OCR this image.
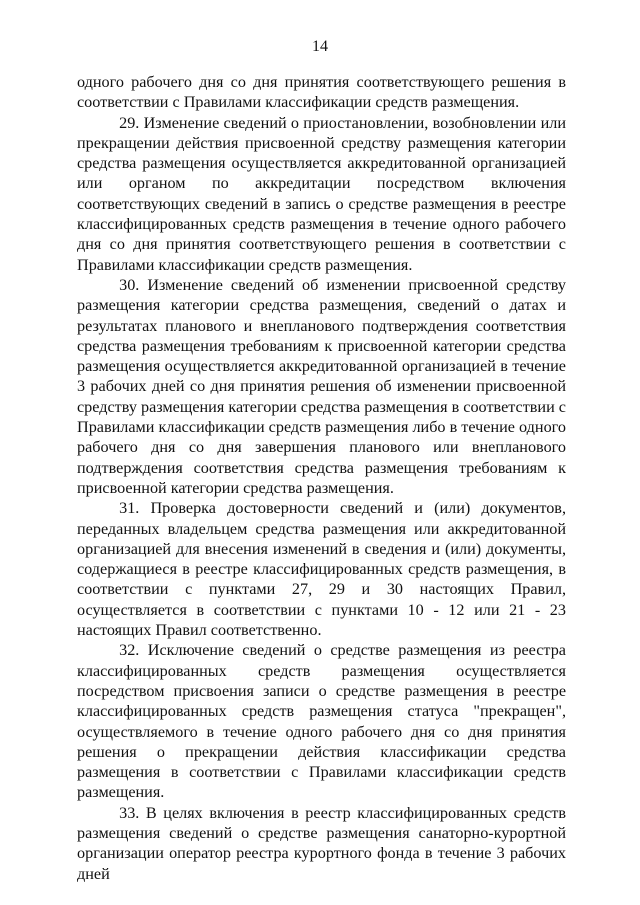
14

одного рабочего дня со дня принятия соответствующего решения в соответствии с Правилами классификации средств размещения.

29. Изменение сведений о приостановлении, возобновлении или прекращении действия присвоенной средству размещения категории средства размещения осуществляется аккредитованной организацией или органом по аккредитации посредством включения соответствующих сведений в запись о средстве размещения в реестре классифицированных средств размещения в течение одного рабочего дня со дня принятия соответствующего решения в соответствии с Правилами классификации средств размещения.

30. Изменение сведений об изменении присвоенной средству размещения категории средства размещения, сведений о датах и результатах планового и внепланового подтверждения соответствия средства размещения требованиям к присвоенной категории средства размещения осуществляется аккредитованной организацией в течение 3 рабочих дней со дня принятия решения об изменении присвоенной средству размещения категории средства размещения в соответствии с Правилами классификации средств размещения либо в течение одного рабочего дня со дня завершения планового или внепланового подтверждения соответствия средства размещения требованиям к присвоенной категории средства размещения.

31. Проверка достоверности сведений и (или) документов, переданных владельцем средства размещения или аккредитованной организацией для внесения изменений в сведения и (или) документы, содержащиеся в реестре классифицированных средств размещения, в соответствии с пунктами 27, 29 и 30 настоящих Правил, осуществляется в соответствии с пунктами 10 - 12 или 21 - 23 настоящих Правил соответственно.

32. Исключение сведений о средстве размещения из реестра классифицированных средств размещения осуществляется посредством присвоения записи о средстве размещения в реестре классифицированных средств размещения статуса "прекращен", осуществляемого в течение одного рабочего дня со дня принятия решения о прекращении действия классификации средства размещения в соответствии с Правилами классификации средств размещения.

33. В целях включения в реестр классифицированных средств размещения сведений о средстве размещения санаторно-курортной организации оператор реестра курортного фонда в течение 3 рабочих дней
